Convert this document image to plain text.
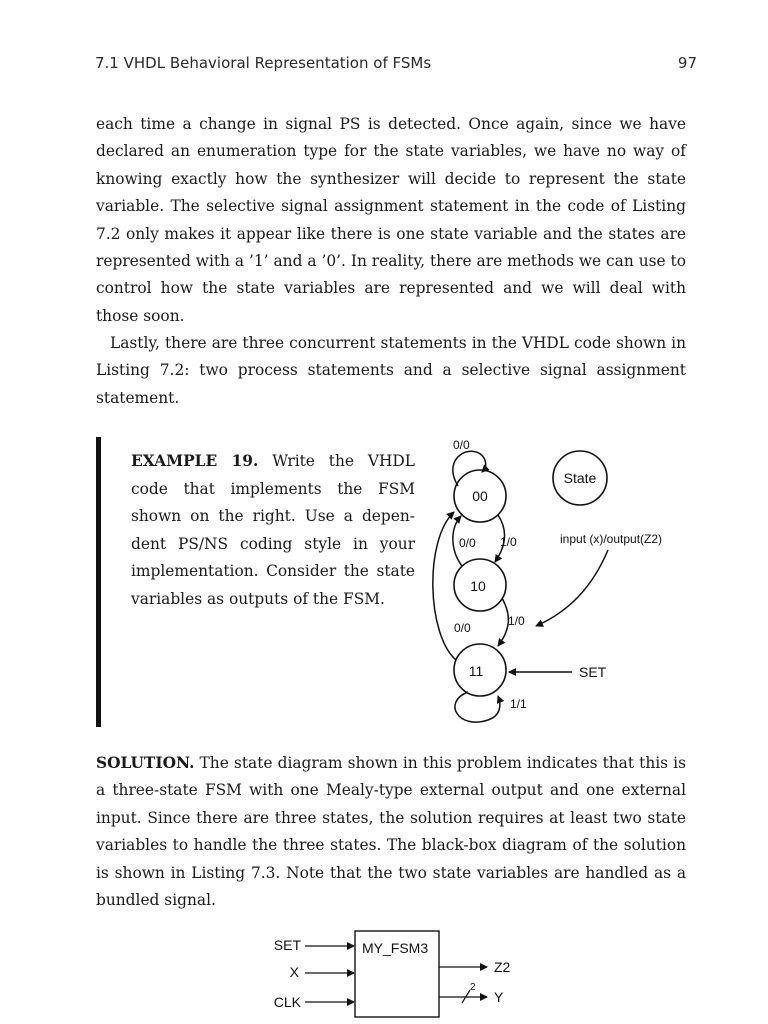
7.1 VHDL Behavioral Representation of FSMs	97

each time a change in signal PS is detected. Once again, since we have declared an enumeration type for the state variables, we have no way of knowing exactly how the synthesizer will decide to represent the state variable. The selective signal assignment statement in the code of Listing 7.2 only makes it appear like there is one state variable and the states are represented with a ’1’ and a ’0’. In reality, there are methods we can use to control how the state variables are represented and we will deal with those soon.

Lastly, there are three concurrent statements in the VHDL code shown in Listing 7.2: two process statements and a selective signal assignment statement.

EXAMPLE 19. Write the VHDL code that implements the FSM shown on the right. Use a dependent PS/NS coding style in your implementation. Consider the state variables as outputs of the FSM.

00
10
11
State
0/0
1/0
0/0
1/0
0/0
1/1
input (x)/output(Z2)
SET

SOLUTION. The state diagram shown in this problem indicates that this is a three-state FSM with one Mealy-type external output and one external input. Since there are three states, the solution requires at least two state variables to handle the three states. The black-box diagram of the solution is shown in Listing 7.3. Note that the two state variables are handled as a bundled signal.

MY_FSM3
SET
X
CLK
Z2
2
Y
